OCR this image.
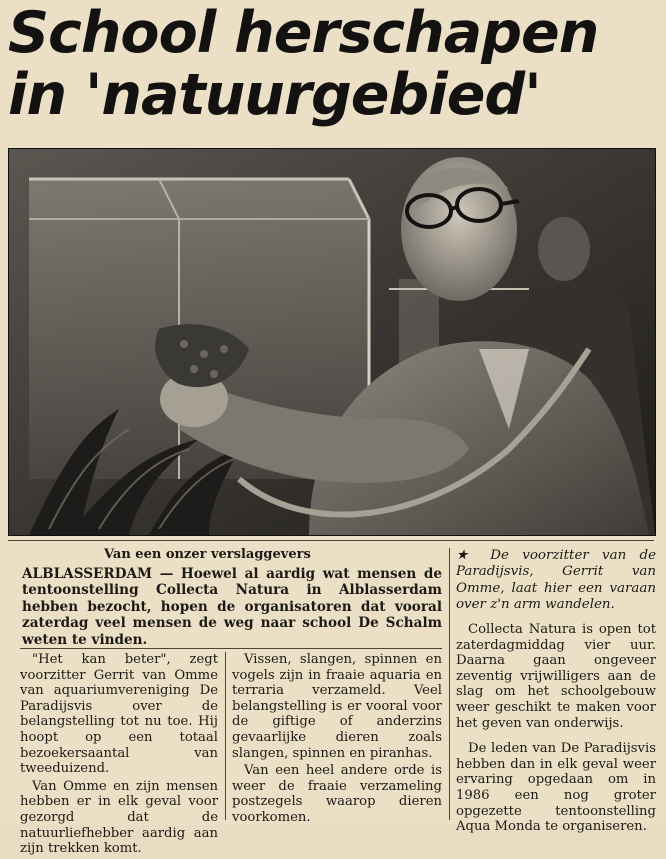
School herschapen
in 'natuurgebied'
Van een onzer verslaggevers

ALBLASSERDAM — Hoewel al aardig wat mensen de tentoonstelling Collecta Natura in Alblasserdam hebben bezocht, hopen de organisatoren dat vooral zaterdag veel mensen de weg naar school De Schalm weten te vinden.

★ De voorzitter van de Paradijsvis, Gerrit van Omme, laat hier een varaan over z'n arm wandelen.

"Het kan beter", zegt voorzitter Gerrit van Omme van aquariumvereniging De Paradijsvis over de belangstelling tot nu toe. Hij hoopt op een totaal bezoekersaantal van tweeduizend.

Van Omme en zijn mensen hebben er in elk geval voor gezorgd dat de natuurliefhebber aardig aan zijn trekken komt.

Vissen, slangen, spinnen en vogels zijn in fraaie aquaria en terraria verzameld. Veel belangstelling is er vooral voor de giftige of anderzins gevaarlijke dieren zoals slangen, spinnen en piranhas.

Van een heel andere orde is weer de fraaie verzameling postzegels waarop dieren voorkomen.

Collecta Natura is open tot zaterdagmiddag vier uur. Daarna gaan ongeveer zeventig vrijwilligers aan de slag om het schoolgebouw weer geschikt te maken voor het geven van onderwijs.

De leden van De Paradijsvis hebben dan in elk geval weer ervaring opgedaan om in 1986 een nog groter opgezette tentoonstelling Aqua Monda te organiseren.
